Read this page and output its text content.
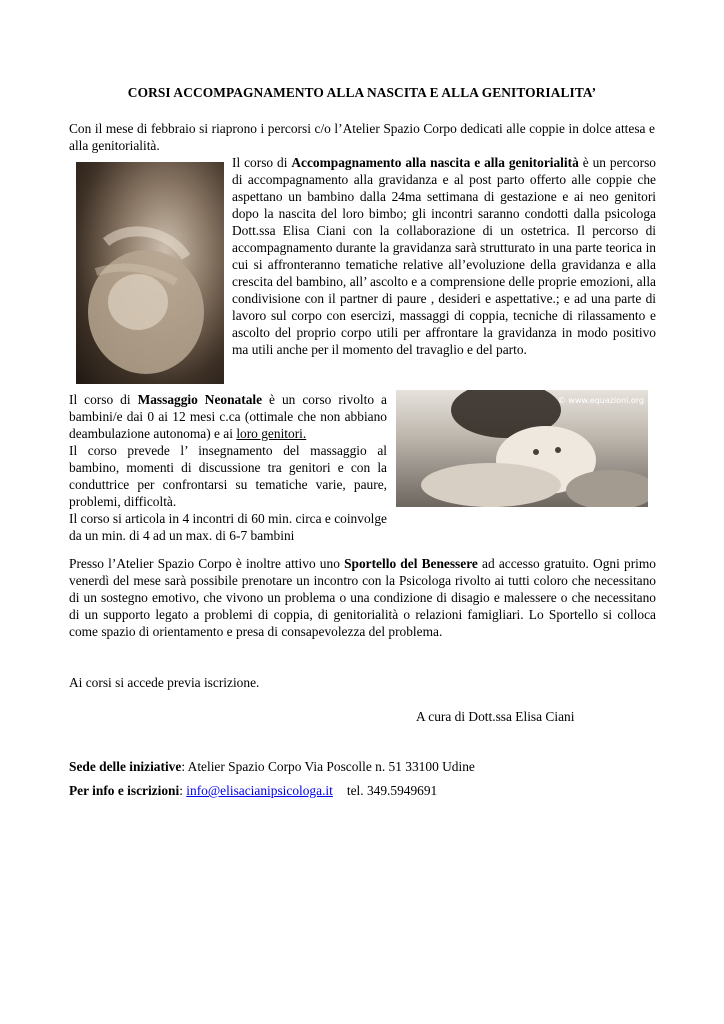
CORSI ACCOMPAGNAMENTO ALLA NASCITA E ALLA GENITORIALITA’
Con il mese di febbraio si riaprono i percorsi c/o l’Atelier Spazio Corpo dedicati alle coppie in dolce attesa e alla genitorialità.
Il corso di Accompagnamento alla nascita e alla genitorialità è un percorso di accompagnamento alla gravidanza e al post parto offerto alle coppie che aspettano un bambino dalla 24ma settimana di gestazione e ai neo genitori dopo la nascita del loro bimbo; gli incontri saranno condotti dalla psicologa Dott.ssa Elisa Ciani con la collaborazione di un ostetrica. Il percorso di accompagnamento durante la gravidanza sarà strutturato in una parte teorica in cui si affronteranno tematiche relative all’evoluzione della gravidanza e alla crescita del bambino, all’ ascolto e a comprensione delle proprie emozioni, alla condivisione con il partner di paure , desideri e aspettative.; e ad una parte di lavoro sul corpo con esercizi, massaggi di coppia, tecniche di rilassamento e ascolto del proprio corpo utili per affrontare la gravidanza in modo positivo ma utili anche per il momento del travaglio e del parto.
Il corso di Massaggio Neonatale è un corso rivolto a bambini/e dai 0 ai 12 mesi c.ca (ottimale che non abbiano deambulazione autonoma) e ai loro genitori.
Il corso prevede l’ insegnamento del massaggio al bambino, momenti di discussione tra genitori e con la conduttrice per confrontarsi su tematiche varie, paure, problemi, difficoltà.
Il corso si articola in 4 incontri di 60 min. circa e coinvolge da un min. di 4 ad un max. di 6-7 bambini
© www.equazioni.org
Presso l’Atelier Spazio Corpo è inoltre attivo uno Sportello del Benessere ad accesso gratuito. Ogni primo venerdì del mese sarà possibile prenotare un incontro con la Psicologa rivolto ai tutti coloro che necessitano di un sostegno emotivo, che vivono un problema o una condizione di disagio e malessere o che necessitano di un supporto legato a problemi di coppia, di genitorialità o relazioni famigliari. Lo Sportello si colloca come spazio di orientamento e presa di consapevolezza del problema.
Ai corsi si accede previa iscrizione.
A cura di Dott.ssa Elisa Ciani
Sede delle iniziative: Atelier Spazio Corpo Via Poscolle n. 51 33100 Udine
Per info e iscrizioni: info@elisacianipsicologa.it tel. 349.5949691
